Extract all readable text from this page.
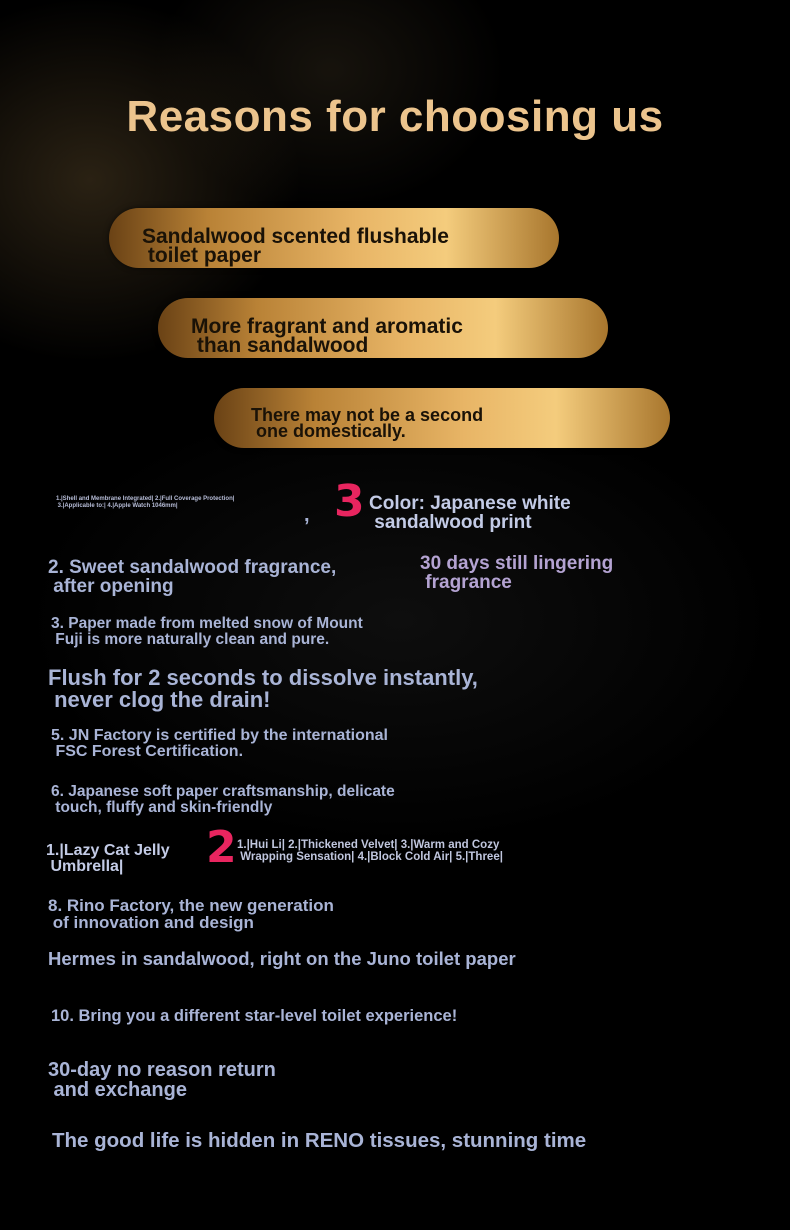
Reasons for choosing us
Sandalwood scented flushable
toilet paper
More fragrant and aromatic
than sandalwood
There may not be a second
one domestically.
1.|Shell and Membrane Integrated| 2.|Full Coverage Protection|
3.|Applicable to:| 4.|Apple Watch 1046mm|	, 3 Color: Japanese white
sandalwood print
2. Sweet sandalwood fragrance,
after opening
30 days still lingering
fragrance
3. Paper made from melted snow of Mount
Fuji is more naturally clean and pure.
Flush for 2 seconds to dissolve instantly,
never clog the drain!
5. JN Factory is certified by the international
FSC Forest Certification.
6. Japanese soft paper craftsmanship, delicate
touch, fluffy and skin-friendly
1.|Lazy Cat Jelly
Umbrella|	2 1.|Hui Li| 2.|Thickened Velvet| 3.|Warm and Cozy
Wrapping Sensation| 4.|Block Cold Air| 5.|Three|
8. Rino Factory, the new generation
of innovation and design
Hermes in sandalwood, right on the Juno toilet paper
10. Bring you a different star-level toilet experience!
30-day no reason return
and exchange
The good life is hidden in RENO tissues, stunning time
